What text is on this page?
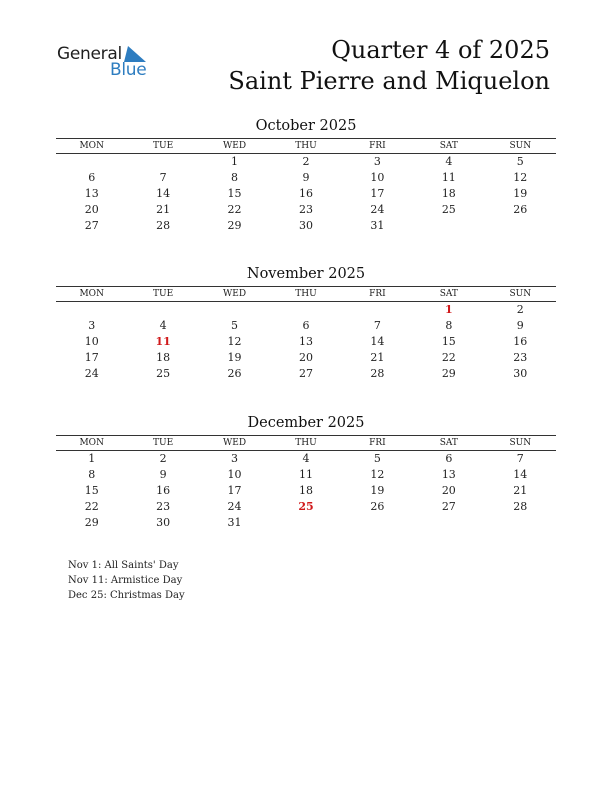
General
Blue
Quarter 4 of 2025
Saint Pierre and Miquelon
October 2025
MON	TUE	WED	THU	FRI	SAT	SUN
		1	2	3	4	5
6	7	8	9	10	11	12
13	14	15	16	17	18	19
20	21	22	23	24	25	26
27	28	29	30	31		
November 2025
MON	TUE	WED	THU	FRI	SAT	SUN
					1	2
3	4	5	6	7	8	9
10	11	12	13	14	15	16
17	18	19	20	21	22	23
24	25	26	27	28	29	30
December 2025
MON	TUE	WED	THU	FRI	SAT	SUN
1	2	3	4	5	6	7
8	9	10	11	12	13	14
15	16	17	18	19	20	21
22	23	24	25	26	27	28
29	30	31				
Nov 1: All Saints' Day
Nov 11: Armistice Day
Dec 25: Christmas Day
